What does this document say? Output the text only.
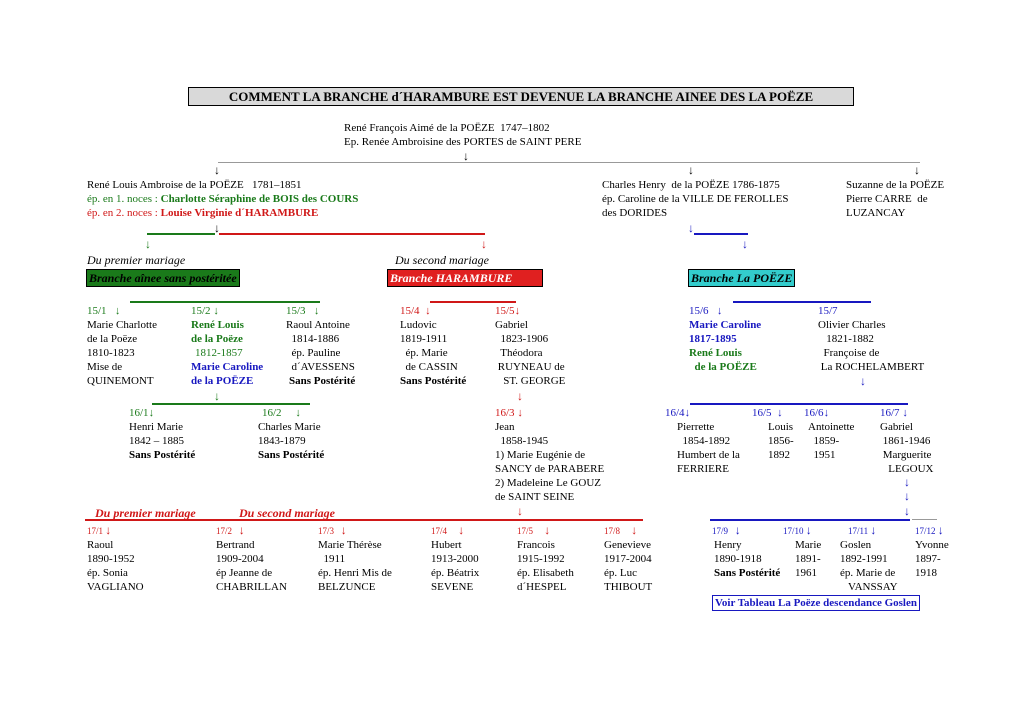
COMMENT LA BRANCHE d´HARAMBURE EST DEVENUE LA BRANCHE AINEE DES LA POËZE
René François Aimé de la POËZE  1747–1802
Ep. Renée Ambroisine des PORTES de SAINT PERE
↓
↓	↓	↓
René Louis Ambroise de la POËZE   1781–1851
ép. en 1. noces : Charlotte Séraphine de BOIS des COURS
ép. en 2. noces : Louise Virginie d´HARAMBURE
Charles Henry  de la POËZE 1786-1875
ép. Caroline de la VILLE DE FEROLLES
des DORIDES
Suzanne de la POËZE
Pierre CARRE  de
LUZANCAY
↓
↓	↓
↓
↓
Du premier mariage	Du second mariage
Branche aînee sans postéritée	Branche HARAMBURE	Branche La POËZE
15/1   ↓
Marie Charlotte
de la Poëze
1810-1823
Mise de
QUINEMONT
15/2 ↓
René Louis
de la Poëze
1812-1857
Marie Caroline
de la POËZE
15/3   ↓
Raoul Antoine
1814-1886
ép. Pauline
d´AVESSENS
Sans Postérité
15/4  ↓
Ludovic
1819-1911
ép. Marie
de CASSIN
Sans Postérité
15/5↓
Gabriel
1823-1906
Théodora
RUYNEAU de
ST. GEORGE
15/6   ↓
Marie Caroline
1817-1895
René Louis
de la POËZE
15/7
Olivier Charles
1821-1882
Françoise de
La ROCHELAMBERT
↓	↓
↓
16/1↓
Henri Marie
1842 – 1885
Sans Postérité
16/2     ↓
Charles Marie
1843-1879
Sans Postérité
16/3 ↓
Jean
1858-1945
1) Marie Eugénie de
SANCY de PARABERE
2) Madeleine Le GOUZ
de SAINT SEINE
16/4↓
Pierrette
1854-1892
Humbert de la
FERRIERE
16/5  ↓
Louis
1856-
1892
16/6↓
Antoinette
1859-
1951
16/7 ↓
Gabriel
1861-1946
Marguerite
LEGOUX
↓
↓
↓
↓
Du premier mariage	Du second mariage
17/1 ↓
Raoul
1890-1952
ép. Sonia
VAGLIANO
17/2 ↓
Bertrand
1909-2004
ép Jeanne de
CHABRILLAN
17/3 ↓
Marie Thérèse
1911
ép. Henri Mis de
BELZUNCE
17/4 ↓
Hubert
1913-2000
ép. Béatrix
SEVENE
17/5 ↓
Francois
1915-1992
ép. Elisabeth
d´HESPEL
17/8 ↓
Genevieve
1917-2004
ép. Luc
THIBOUT
17/9 ↓
Henry
1890-1918
Sans Postérité
17/10 ↓
Marie
1891-
1961
17/11 ↓
Goslen
1892-1991
ép. Marie de
VANSSAY
17/12 ↓
Yvonne
1897-
1918
Voir Tableau La Poëze descendance Goslen
